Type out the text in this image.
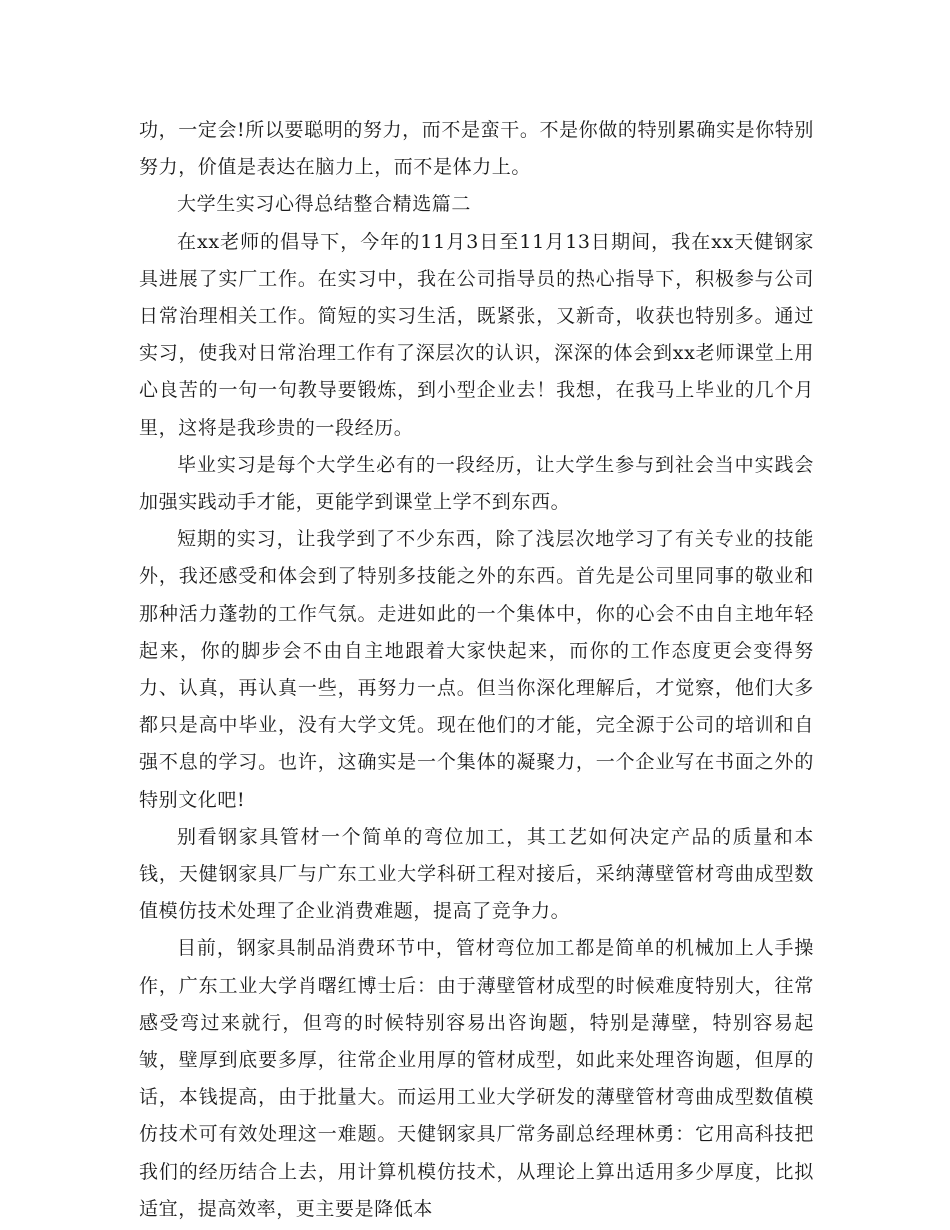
功，一定会!所以要聪明的努力，而不是蛮干。不是你做的特别累确实是你特别努力，价值是表达在脑力上，而不是体力上。

大学生实习心得总结整合精选篇二

在xx老师的倡导下，今年的11月3日至11月13日期间，我在xx天健钢家具进展了实厂工作。在实习中，我在公司指导员的热心指导下，积极参与公司日常治理相关工作。简短的实习生活，既紧张，又新奇，收获也特别多。通过实习，使我对日常治理工作有了深层次的认识，深深的体会到xx老师课堂上用心良苦的一句一句教导要锻炼，到小型企业去！我想，在我马上毕业的几个月里，这将是我珍贵的一段经历。

毕业实习是每个大学生必有的一段经历，让大学生参与到社会当中实践会加强实践动手才能，更能学到课堂上学不到东西。

短期的实习，让我学到了不少东西，除了浅层次地学习了有关专业的技能外，我还感受和体会到了特别多技能之外的东西。首先是公司里同事的敬业和那种活力蓬勃的工作气氛。走进如此的一个集体中，你的心会不由自主地年轻起来，你的脚步会不由自主地跟着大家快起来，而你的工作态度更会变得努力、认真，再认真一些，再努力一点。但当你深化理解后，才觉察，他们大多都只是高中毕业，没有大学文凭。现在他们的才能，完全源于公司的培训和自强不息的学习。也许，这确实是一个集体的凝聚力，一个企业写在书面之外的特别文化吧!

别看钢家具管材一个简单的弯位加工，其工艺如何决定产品的质量和本钱，天健钢家具厂与广东工业大学科研工程对接后，采纳薄壁管材弯曲成型数值模仿技术处理了企业消费难题，提高了竞争力。

目前，钢家具制品消费环节中，管材弯位加工都是简单的机械加上人手操作，广东工业大学肖曙红博士后：由于薄壁管材成型的时候难度特别大，往常感受弯过来就行，但弯的时候特别容易出咨询题，特别是薄壁，特别容易起皱，壁厚到底要多厚，往常企业用厚的管材成型，如此来处理咨询题，但厚的话，本钱提高，由于批量大。而运用工业大学研发的薄壁管材弯曲成型数值模仿技术可有效处理这一难题。天健钢家具厂常务副总经理林勇：它用高科技把我们的经历结合上去，用计算机模仿技术，从理论上算出适用多少厚度，比拟适宜，提高效率，更主要是降低本
